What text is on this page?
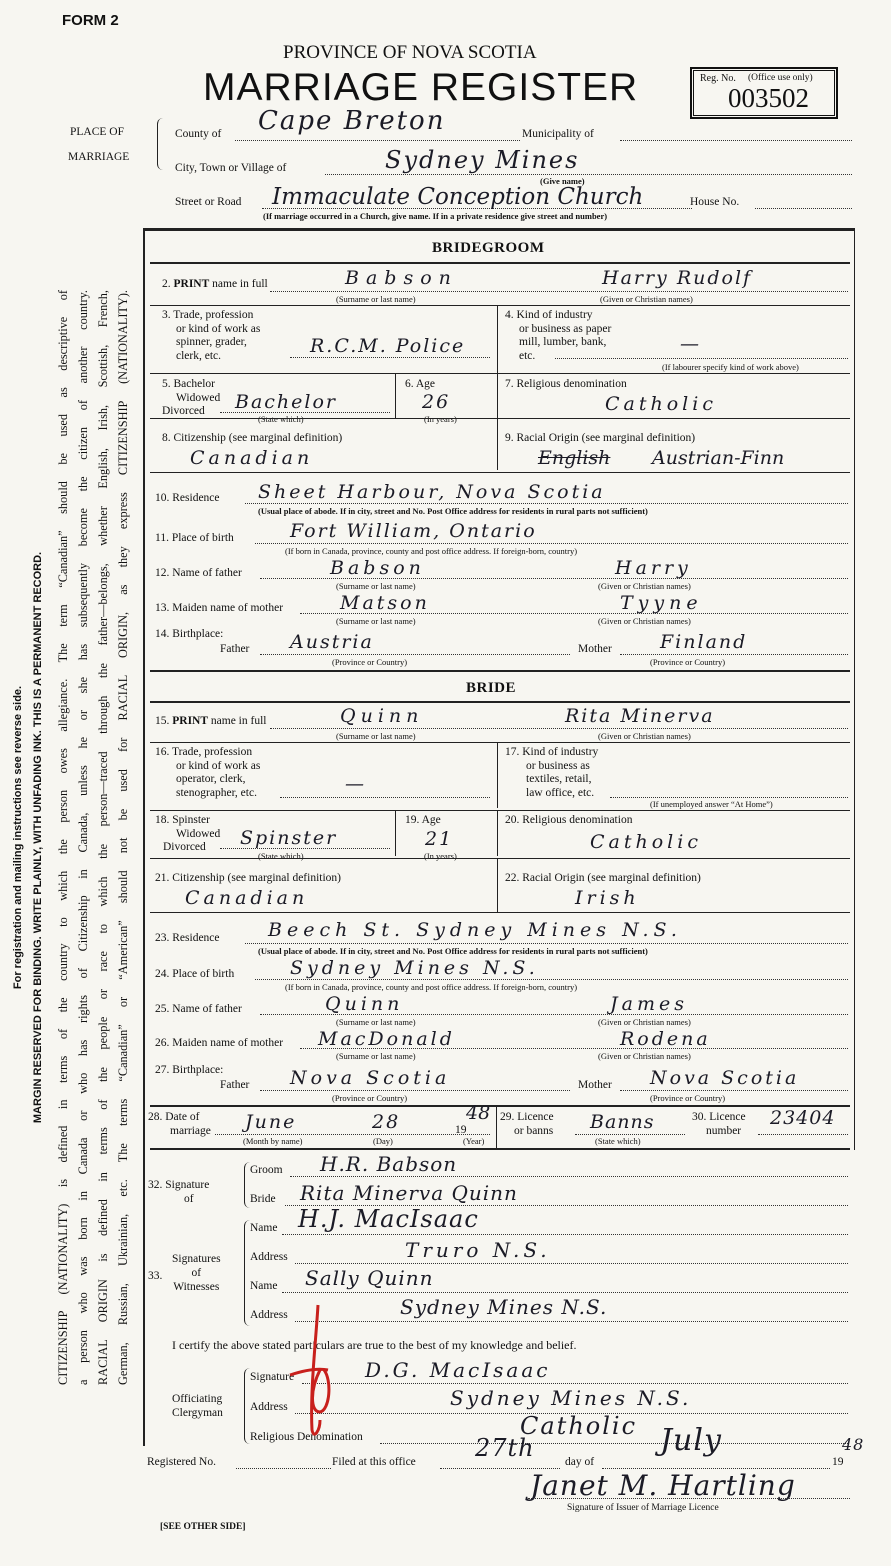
FORM 2
PROVINCE OF NOVA SCOTIA
MARRIAGE REGISTER	Reg. No. (Office use only)
003502
PLACE OF
MARRIAGE
County of Cape Breton	Municipality of
City, Town or Village of	Sydney Mines
(Give name)
Street or Road Immaculate Conception Church	House No.
(If marriage occurred in a Church, give name. If in a private residence give street and number)
For registration and mailing instructions see reverse side. MARGIN RESERVED FOR BINDING. WRITE PLAINLY, WITH UNFADING INK. THIS IS A PERMANENT RECORD. CITIZENSHIP (NATIONALITY) is defined in terms of the country to which the person owes allegiance. The term “Canadian” should be used as descriptive of a person who was born in Canada or who has rights of Citizenship in Canada, unless he or she has subsequently become the citizen of another country. RACIAL ORIGIN is defined in terms of the people or race to which the person—traced through the father—belongs, whether English, Irish, Scottish, French, German, Russian, Ukrainian, etc. The terms “Canadian” or “American” should not be used for RACIAL ORIGIN, as they express CITIZENSHIP (NATIONALITY).
BRIDEGROOM
2. PRINT name in full	Babson	Harry Rudolf
(Surname or last name)	(Given or Christian names)
3. Trade, profession
or kind of work as
spinner, grader,
clerk, etc.	R.C.M. Police
4. Kind of industry
or business as paper
mill, lumber, bank,
etc.
—
(If labourer specify kind of work above)
5. Bachelor
Widowed
Divorced	Bachelor
(State which)
6. Age
26
(In years)
7. Religious denomination
Catholic
8. Citizenship (see marginal definition)
Canadian
9. Racial Origin (see marginal definition)
English Austrian-Finn
10. Residence Sheet Harbour, Nova Scotia
(Usual place of abode. If in city, street and No. Post Office address for residents in rural parts not sufficient)
11. Place of birth	Fort William, Ontario
(If born in Canada, province, county and post office address. If foreign-born, country)
12. Name of father	Babson	Harry
(Surname or last name)	(Given or Christian names)
13. Maiden name of mother	Matson	Tyyne
(Surname or last name)	(Given or Christian names)
14. Birthplace:
Father Austria	Mother	Finland
(Province or Country)	(Province or Country)
BRIDE
15. PRINT name in full	Quinn	Rita Minerva
(Surname or last name)	(Given or Christian names)
16. Trade, profession
or kind of work as
operator, clerk,
stenographer, etc.	—
17. Kind of industry
or business as
textiles, retail,
law office, etc.
(If unemployed answer “At Home”)
18. Spinster
Widowed
Divorced	Spinster
(State which)
19. Age
21
(In years)
20. Religious denomination
Catholic
21. Citizenship (see marginal definition)
Canadian
22. Racial Origin (see marginal definition)
Irish
23. Residence	Beech St. Sydney Mines N.S.
(Usual place of abode. If in city, street and No. Post Office address for residents in rural parts not sufficient)
24. Place of birth	Sydney Mines N.S.
(If born in Canada, province, county and post office address. If foreign-born, country)
25. Name of father	Quinn	James
(Surname or last name)	(Given or Christian names)
26. Maiden name of mother MacDonald	Rodena
(Surname or last name)	(Given or Christian names)
27. Birthplace:
Father Nova Scotia	Mother Nova Scotia
(Province or Country)	(Province or Country)
28. Date of
marriage June	28	19
48
(Month by name)	(Day)	(Year)
29. Licence
or banns Banns
(State which)
30. Licence
number
23404
32. Signature
of
Groom H.R. Babson
Bride Rita Minerva Quinn
33.
Signatures
of
Witnesses
Name H.J. MacIsaac
Address	Truro N.S.
Name Sally Quinn
Address	Sydney Mines N.S.
I certify the above stated particulars are true to the best of my knowledge and belief.
Officiating
Clergyman
Signature	D.G. MacIsaac
Address	Sydney Mines N.S.
Religious Denomination	Catholic
Registered No.	Filed at this office 27th	day of
July
19
48
Janet M. Hartling
Signature of Issuer of Marriage Licence
[SEE OTHER SIDE]
